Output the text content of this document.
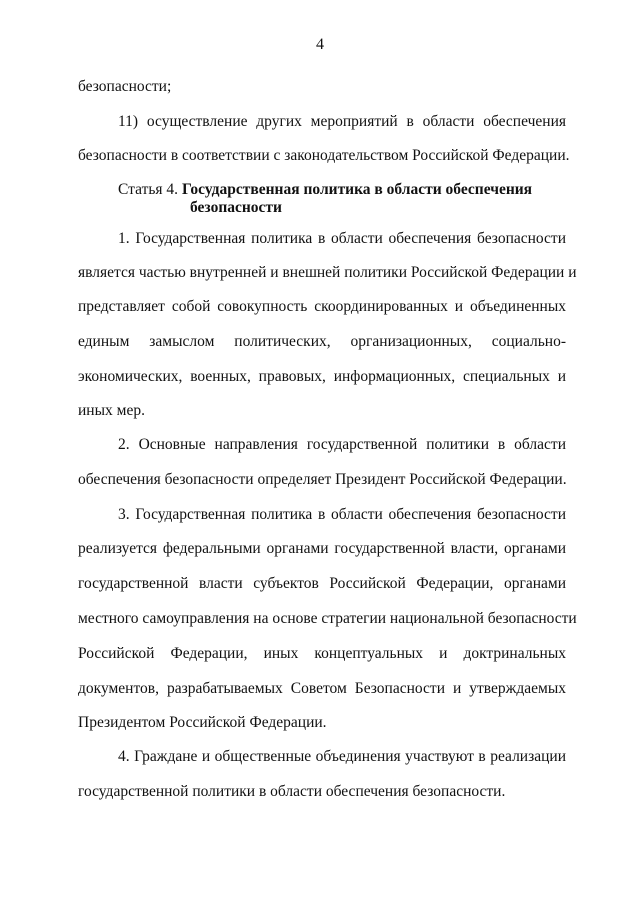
4
безопасности;
11) осуществление других мероприятий в области обеспечения
безопасности в соответствии с законодательством Российской Федерации.
Статья 4. Государственная политика в области обеспечения
безопасности
1. Государственная политика в области обеспечения безопасности
является частью внутренней и внешней политики Российской Федерации и
представляет собой совокупность скоординированных и объединенных
единым замыслом политических, организационных, социально-
экономических, военных, правовых, информационных, специальных и
иных мер.
2. Основные направления государственной политики в области
обеспечения безопасности определяет Президент Российской Федерации.
3. Государственная политика в области обеспечения безопасности
реализуется федеральными органами государственной власти, органами
государственной власти субъектов Российской Федерации, органами
местного самоуправления на основе стратегии национальной безопасности
Российской Федерации, иных концептуальных и доктринальных
документов, разрабатываемых Советом Безопасности и утверждаемых
Президентом Российской Федерации.
4. Граждане и общественные объединения участвуют в реализации
государственной политики в области обеспечения безопасности.
